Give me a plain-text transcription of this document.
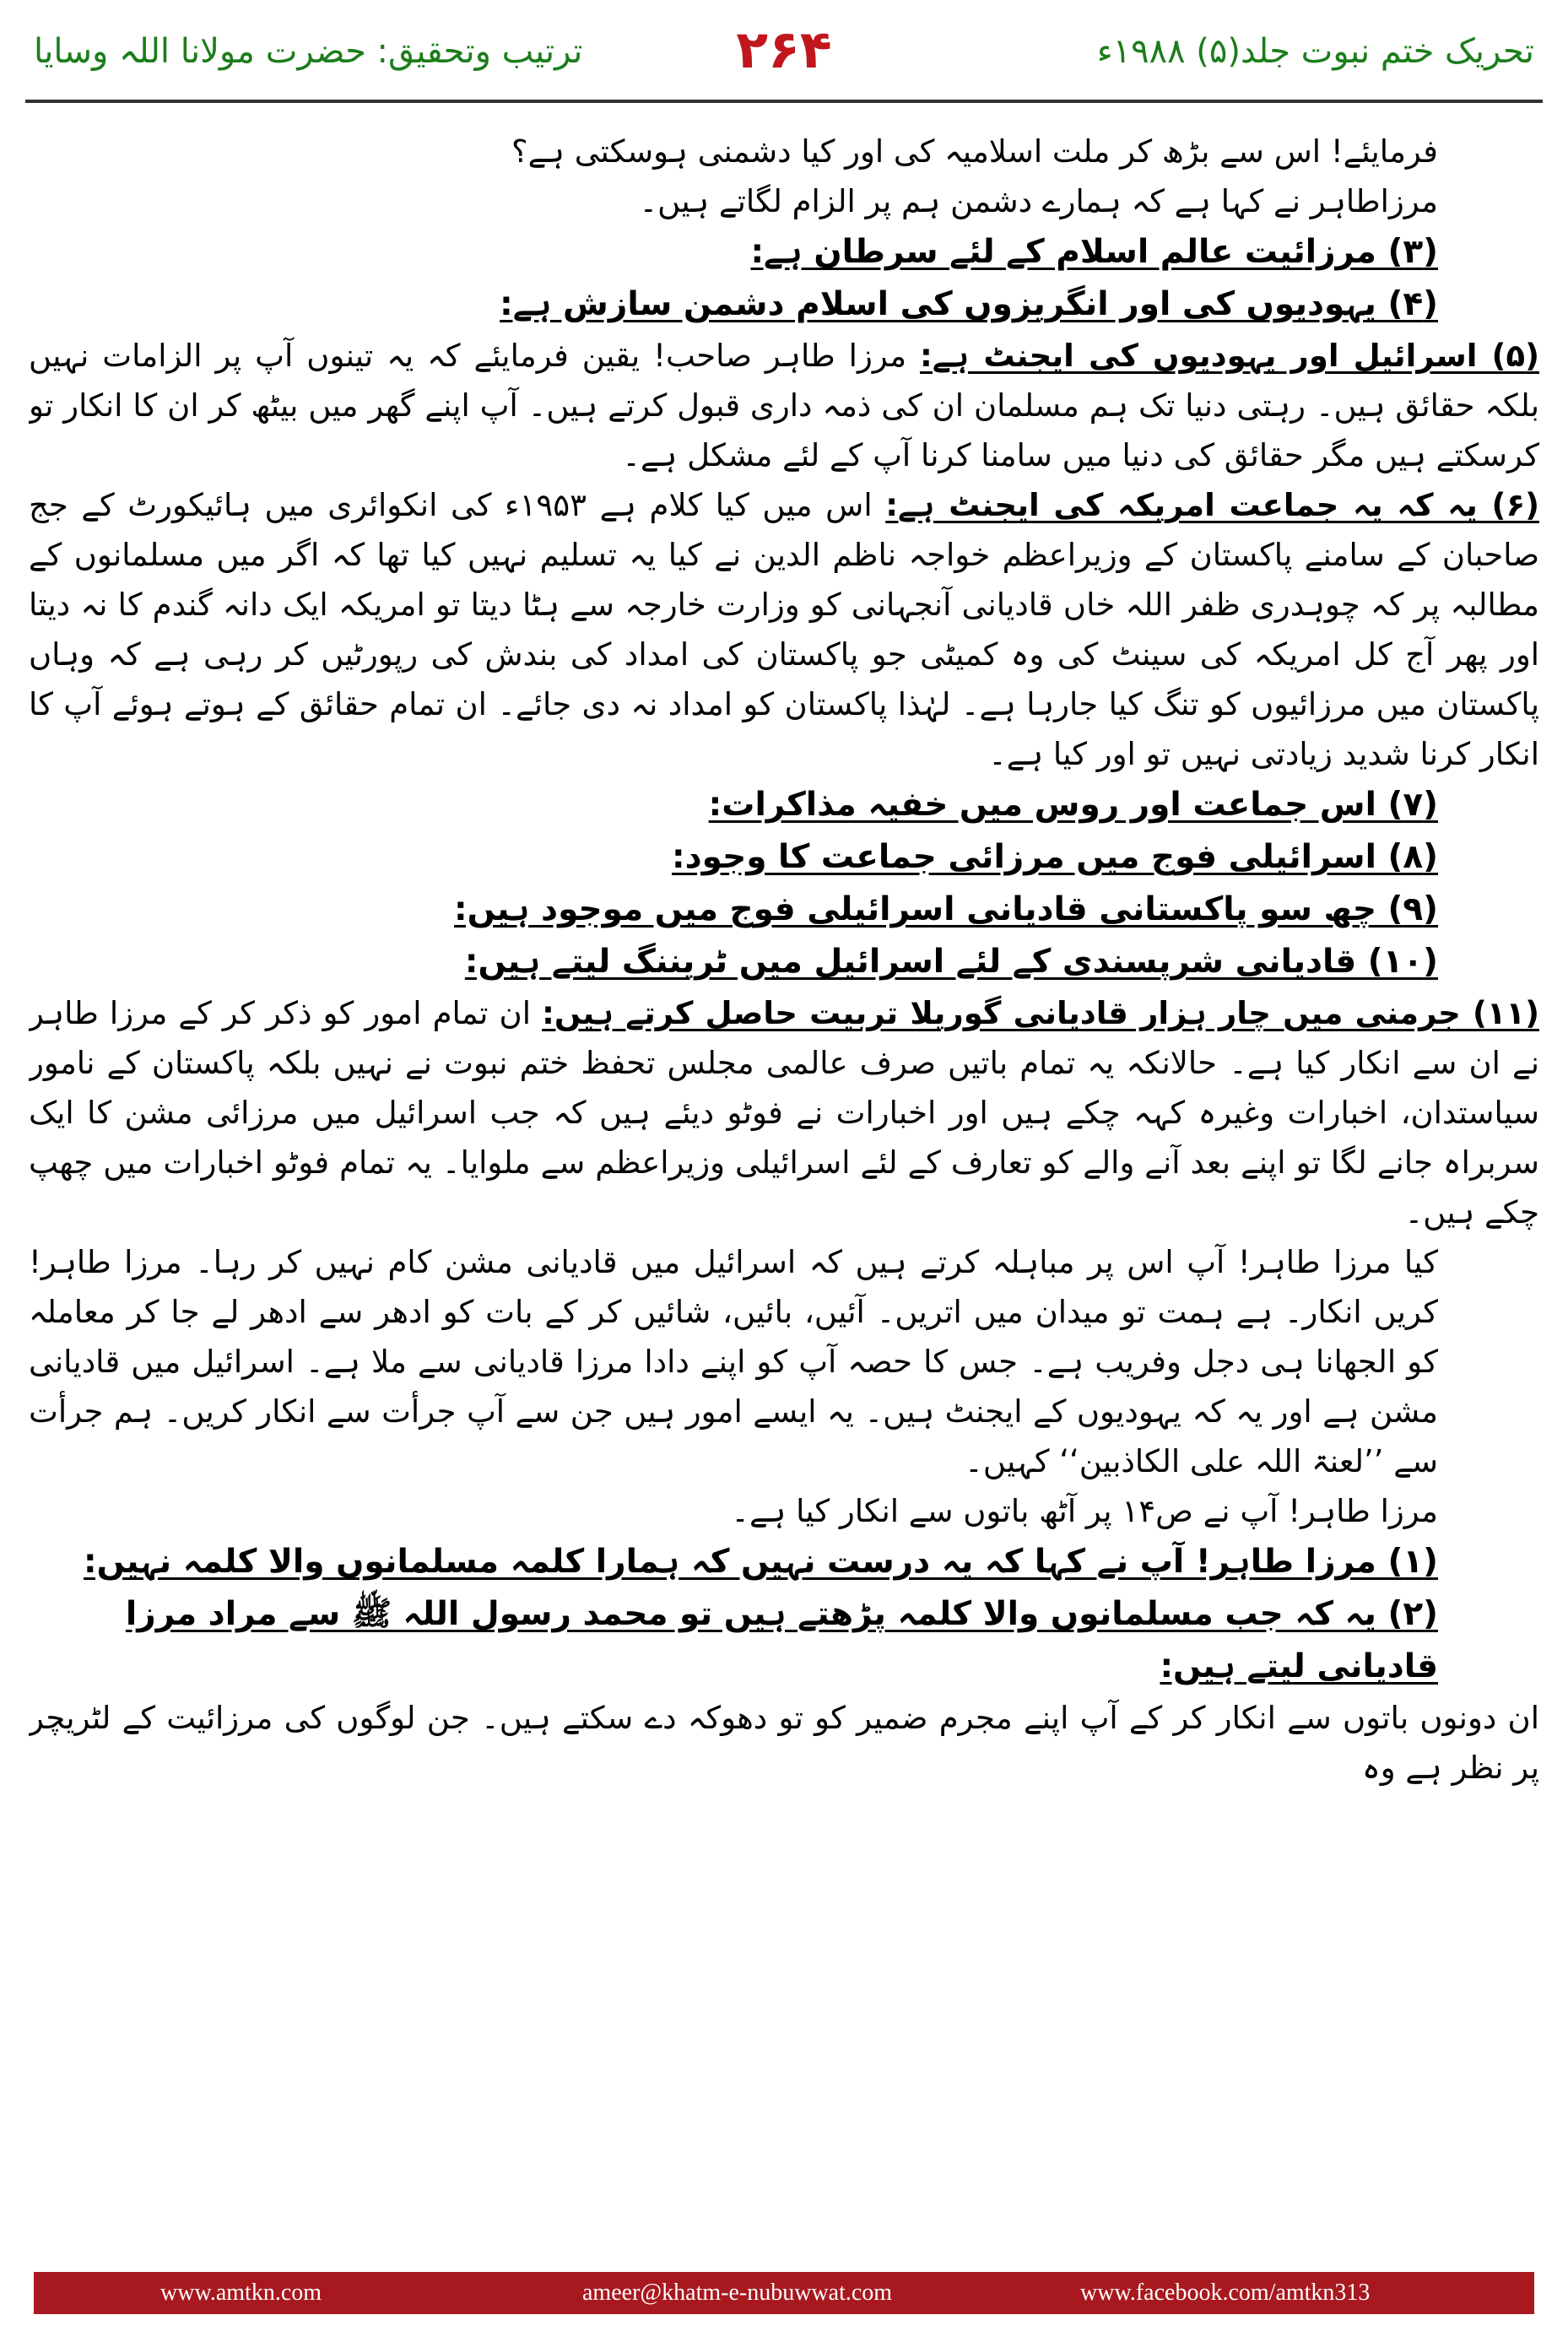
تحریک ختم نبوت جلد(۵) ۱۹۸۸ء
۲۶۴
ترتیب وتحقیق: حضرت مولانا اللہ وسایا

فرمایئے! اس سے بڑھ کر ملت اسلامیہ کی اور کیا دشمنی ہوسکتی ہے؟

مرزاطاہر نے کہا ہے کہ ہمارے دشمن ہم پر الزام لگاتے ہیں۔

(۳) مرزائیت عالم اسلام کے لئے سرطان ہے:

(۴) یہودیوں کی اور انگریزوں کی اسلام دشمن سازش ہے:

(۵) اسرائیل اور یہودیوں کی ایجنٹ ہے: مرزا طاہر صاحب! یقین فرمایئے کہ یہ تینوں آپ پر الزامات نہیں بلکہ حقائق ہیں۔ رہتی دنیا تک ہم مسلمان ان کی ذمہ داری قبول کرتے ہیں۔ آپ اپنے گھر میں بیٹھ کر ان کا انکار تو کرسکتے ہیں مگر حقائق کی دنیا میں سامنا کرنا آپ کے لئے مشکل ہے۔

(۶) یہ کہ یہ جماعت امریکہ کی ایجنٹ ہے: اس میں کیا کلام ہے ۱۹۵۳ء کی انکوائری میں ہائیکورٹ کے جج صاحبان کے سامنے پاکستان کے وزیراعظم خواجہ ناظم الدین نے کیا یہ تسلیم نہیں کیا تھا کہ اگر میں مسلمانوں کے مطالبہ پر کہ چوہدری ظفر اللہ خاں قادیانی آنجہانی کو وزارت خارجہ سے ہٹا دیتا تو امریکہ ایک دانہ گندم کا نہ دیتا اور پھر آج کل امریکہ کی سینٹ کی وہ کمیٹی جو پاکستان کی امداد کی بندش کی رپورٹیں کر رہی ہے کہ وہاں پاکستان میں مرزائیوں کو تنگ کیا جارہا ہے۔ لہٰذا پاکستان کو امداد نہ دی جائے۔ ان تمام حقائق کے ہوتے ہوئے آپ کا انکار کرنا شدید زیادتی نہیں تو اور کیا ہے۔

(۷) اس جماعت اور روس میں خفیہ مذاکرات:

(۸) اسرائیلی فوج میں مرزائی جماعت کا وجود:

(۹) چھ سو پاکستانی قادیانی اسرائیلی فوج میں موجود ہیں:

(۱۰) قادیانی شرپسندی کے لئے اسرائیل میں ٹریننگ لیتے ہیں:

(۱۱) جرمنی میں چار ہزار قادیانی گوریلا تربیت حاصل کرتے ہیں: ان تمام امور کو ذکر کر کے مرزا طاہر نے ان سے انکار کیا ہے۔ حالانکہ یہ تمام باتیں صرف عالمی مجلس تحفظ ختم نبوت نے نہیں بلکہ پاکستان کے نامور سیاستدان، اخبارات وغیرہ کہہ چکے ہیں اور اخبارات نے فوٹو دیئے ہیں کہ جب اسرائیل میں مرزائی مشن کا ایک سربراہ جانے لگا تو اپنے بعد آنے والے کو تعارف کے لئے اسرائیلی وزیراعظم سے ملوایا۔ یہ تمام فوٹو اخبارات میں چھپ چکے ہیں۔

کیا مرزا طاہر! آپ اس پر مباہلہ کرتے ہیں کہ اسرائیل میں قادیانی مشن کام نہیں کر رہا۔ مرزا طاہر! کریں انکار۔ ہے ہمت تو میدان میں اتریں۔ آئیں، بائیں، شائیں کر کے بات کو ادھر سے ادھر لے جا کر معاملہ کو الجھانا ہی دجل وفریب ہے۔ جس کا حصہ آپ کو اپنے دادا مرزا قادیانی سے ملا ہے۔ اسرائیل میں قادیانی مشن ہے اور یہ کہ یہودیوں کے ایجنٹ ہیں۔ یہ ایسے امور ہیں جن سے آپ جرأت سے انکار کریں۔ ہم جرأت سے ’’لعنۃ اللہ علی الکاذبین‘‘ کہیں۔

مرزا طاہر! آپ نے ص۱۴ پر آٹھ باتوں سے انکار کیا ہے۔

(۱) مرزا طاہر! آپ نے کہا کہ یہ درست نہیں کہ ہمارا کلمہ مسلمانوں والا کلمہ نہیں:

(۲) یہ کہ جب مسلمانوں والا کلمہ پڑھتے ہیں تو محمد رسول اللہ ﷺ سے مراد مرزا قادیانی لیتے ہیں:

ان دونوں باتوں سے انکار کر کے آپ اپنے مجرم ضمیر کو تو دھوکہ دے سکتے ہیں۔ جن لوگوں کی مرزائیت کے لٹریچر پر نظر ہے وہ

www.amtkn.com	ameer@khatm-e-nubuwwat.com	www.facebook.com/amtkn313
